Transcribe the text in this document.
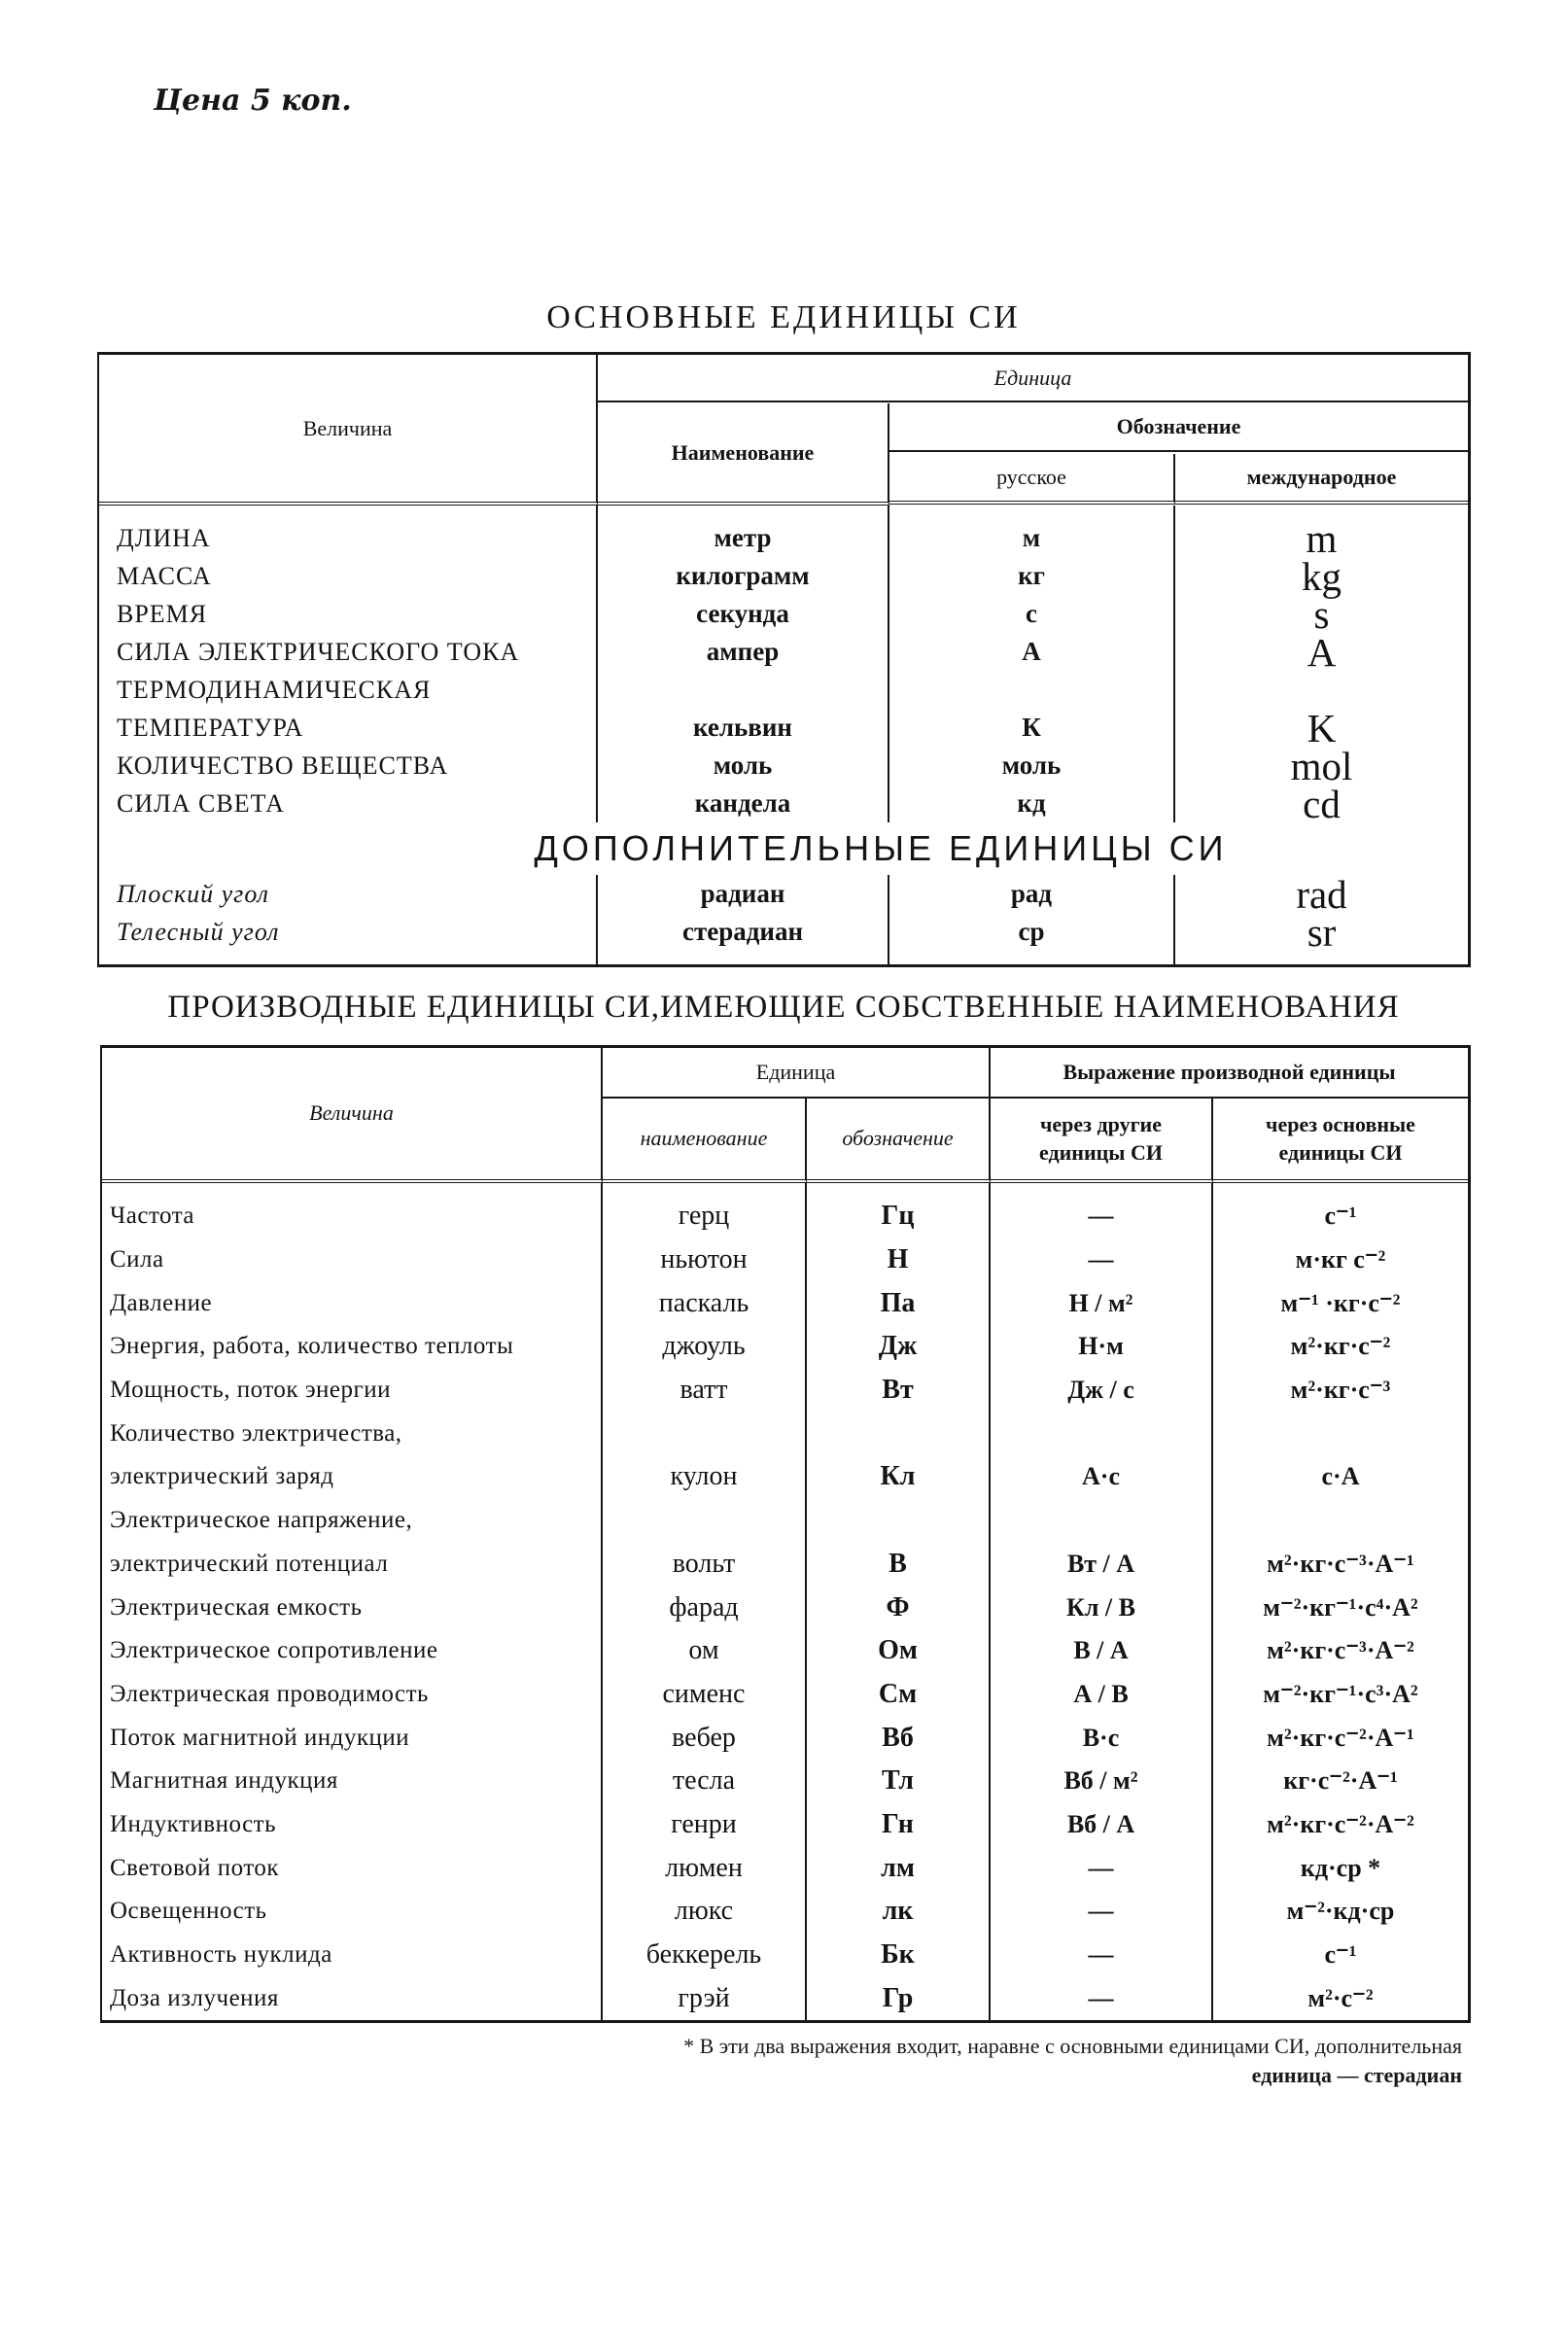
Цена 5 коп.
ОСНОВНЫЕ ЕДИНИЦЫ СИ
Величина
Единица
Наименование
Обозначение
русское	международное
ДЛИНА	метр	м	m
МАССА	килограмм	кг	kg
ВРЕМЯ	секунда	с	s
СИЛА ЭЛЕКТРИЧЕСКОГО ТОКА	ампер	А	A
ТЕРМОДИНАМИЧЕСКАЯ
ТЕМПЕРАТУРА	кельвин	К	K
КОЛИЧЕСТВО ВЕЩЕСТВА	моль	моль	mol
СИЛА СВЕТА	кандела	кд	cd
ДОПОЛНИТЕЛЬНЫЕ ЕДИНИЦЫ СИ
Плоский угол	радиан	рад	rad
Телесный угол	стерадиан	ср	sr
ПРОИЗВОДНЫЕ ЕДИНИЦЫ СИ,ИМЕЮЩИЕ СОБСТВЕННЫЕ НАИМЕНОВАНИЯ
Величина
Единица	Выражение производной единицы
наименование	обозначение
через другие единицы СИ
через основные единицы СИ
Частота	герц	Гц	—	с⁻¹
Сила	ньютон	Н	—	м·кг с⁻²
Давление	паскаль	Па	Н / м²	м⁻¹ ·кг·с⁻²
Энергия, работа, количество теплоты	джоуль	Дж	Н·м	м²·кг·с⁻²
Мощность, поток энергии	ватт	Вт	Дж / с	м²·кг·с⁻³
Количество электричества,
электрический заряд	кулон	Кл	А·с	с·А
Электрическое напряжение,
электрический потенциал	вольт	В	Вт / А	м²·кг·с⁻³·А⁻¹
Электрическая емкость	фарад	Ф	Кл / В	м⁻²·кг⁻¹·с⁴·А²
Электрическое сопротивление	ом	Ом	В / А	м²·кг·с⁻³·А⁻²
Электрическая проводимость	сименс	См	А / В	м⁻²·кг⁻¹·с³·А²
Поток магнитной индукции	вебер	Вб	В·с	м²·кг·с⁻²·А⁻¹
Магнитная индукция	тесла	Тл	Вб / м²	кг·с⁻²·А⁻¹
Индуктивность	генри	Гн	Вб / А	м²·кг·с⁻²·А⁻²
Световой поток	люмен	лм	—	кд·ср *
Освещенность	люкс	лк	—	м⁻²·кд·ср
Активность нуклида	беккерель	Бк	—	с⁻¹
Доза излучения	грэй	Гр	—	м²·с⁻²
* В эти два выражения входит, наравне с основными единицами СИ, дополнительная
единица — стерадиан
